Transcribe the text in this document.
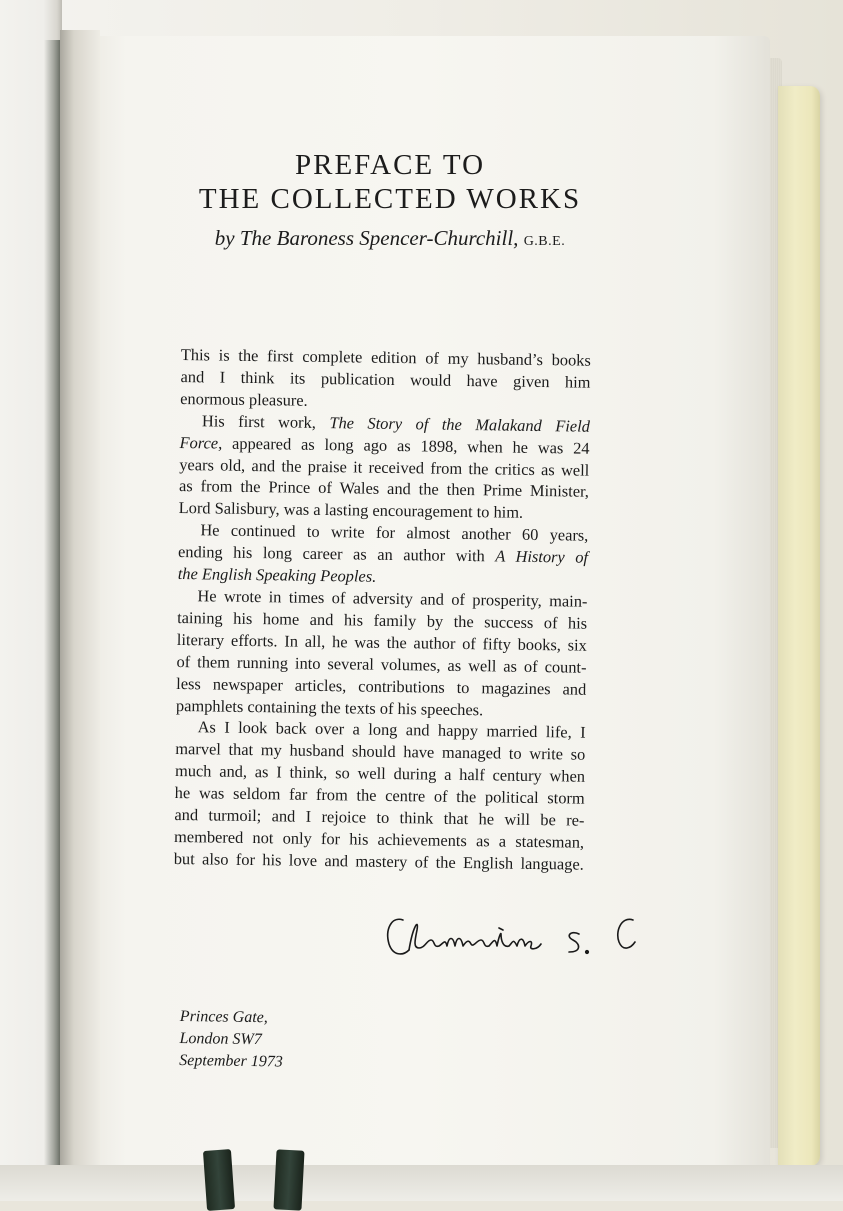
PREFACE TO
THE COLLECTED WORKS
by The Baroness Spencer-Churchill, G.B.E.
This is the first complete edition of my husband’s books
and I think its publication would have given him
enormous pleasure.
His first work, The Story of the Malakand Field
Force, appeared as long ago as 1898, when he was 24
years old, and the praise it received from the critics as well
as from the Prince of Wales and the then Prime Minister,
Lord Salisbury, was a lasting encouragement to him.
He continued to write for almost another 60 years,
ending his long career as an author with A History of
the English Speaking Peoples.
He wrote in times of adversity and of prosperity, main-
taining his home and his family by the success of his
literary efforts. In all, he was the author of fifty books, six
of them running into several volumes, as well as of count-
less newspaper articles, contributions to magazines and
pamphlets containing the texts of his speeches.
As I look back over a long and happy married life, I
marvel that my husband should have managed to write so
much and, as I think, so well during a half century when
he was seldom far from the centre of the political storm
and turmoil; and I rejoice to think that he will be re-
membered not only for his achievements as a statesman,
but also for his love and mastery of the English language.
Princes Gate,
London SW7
September 1973
